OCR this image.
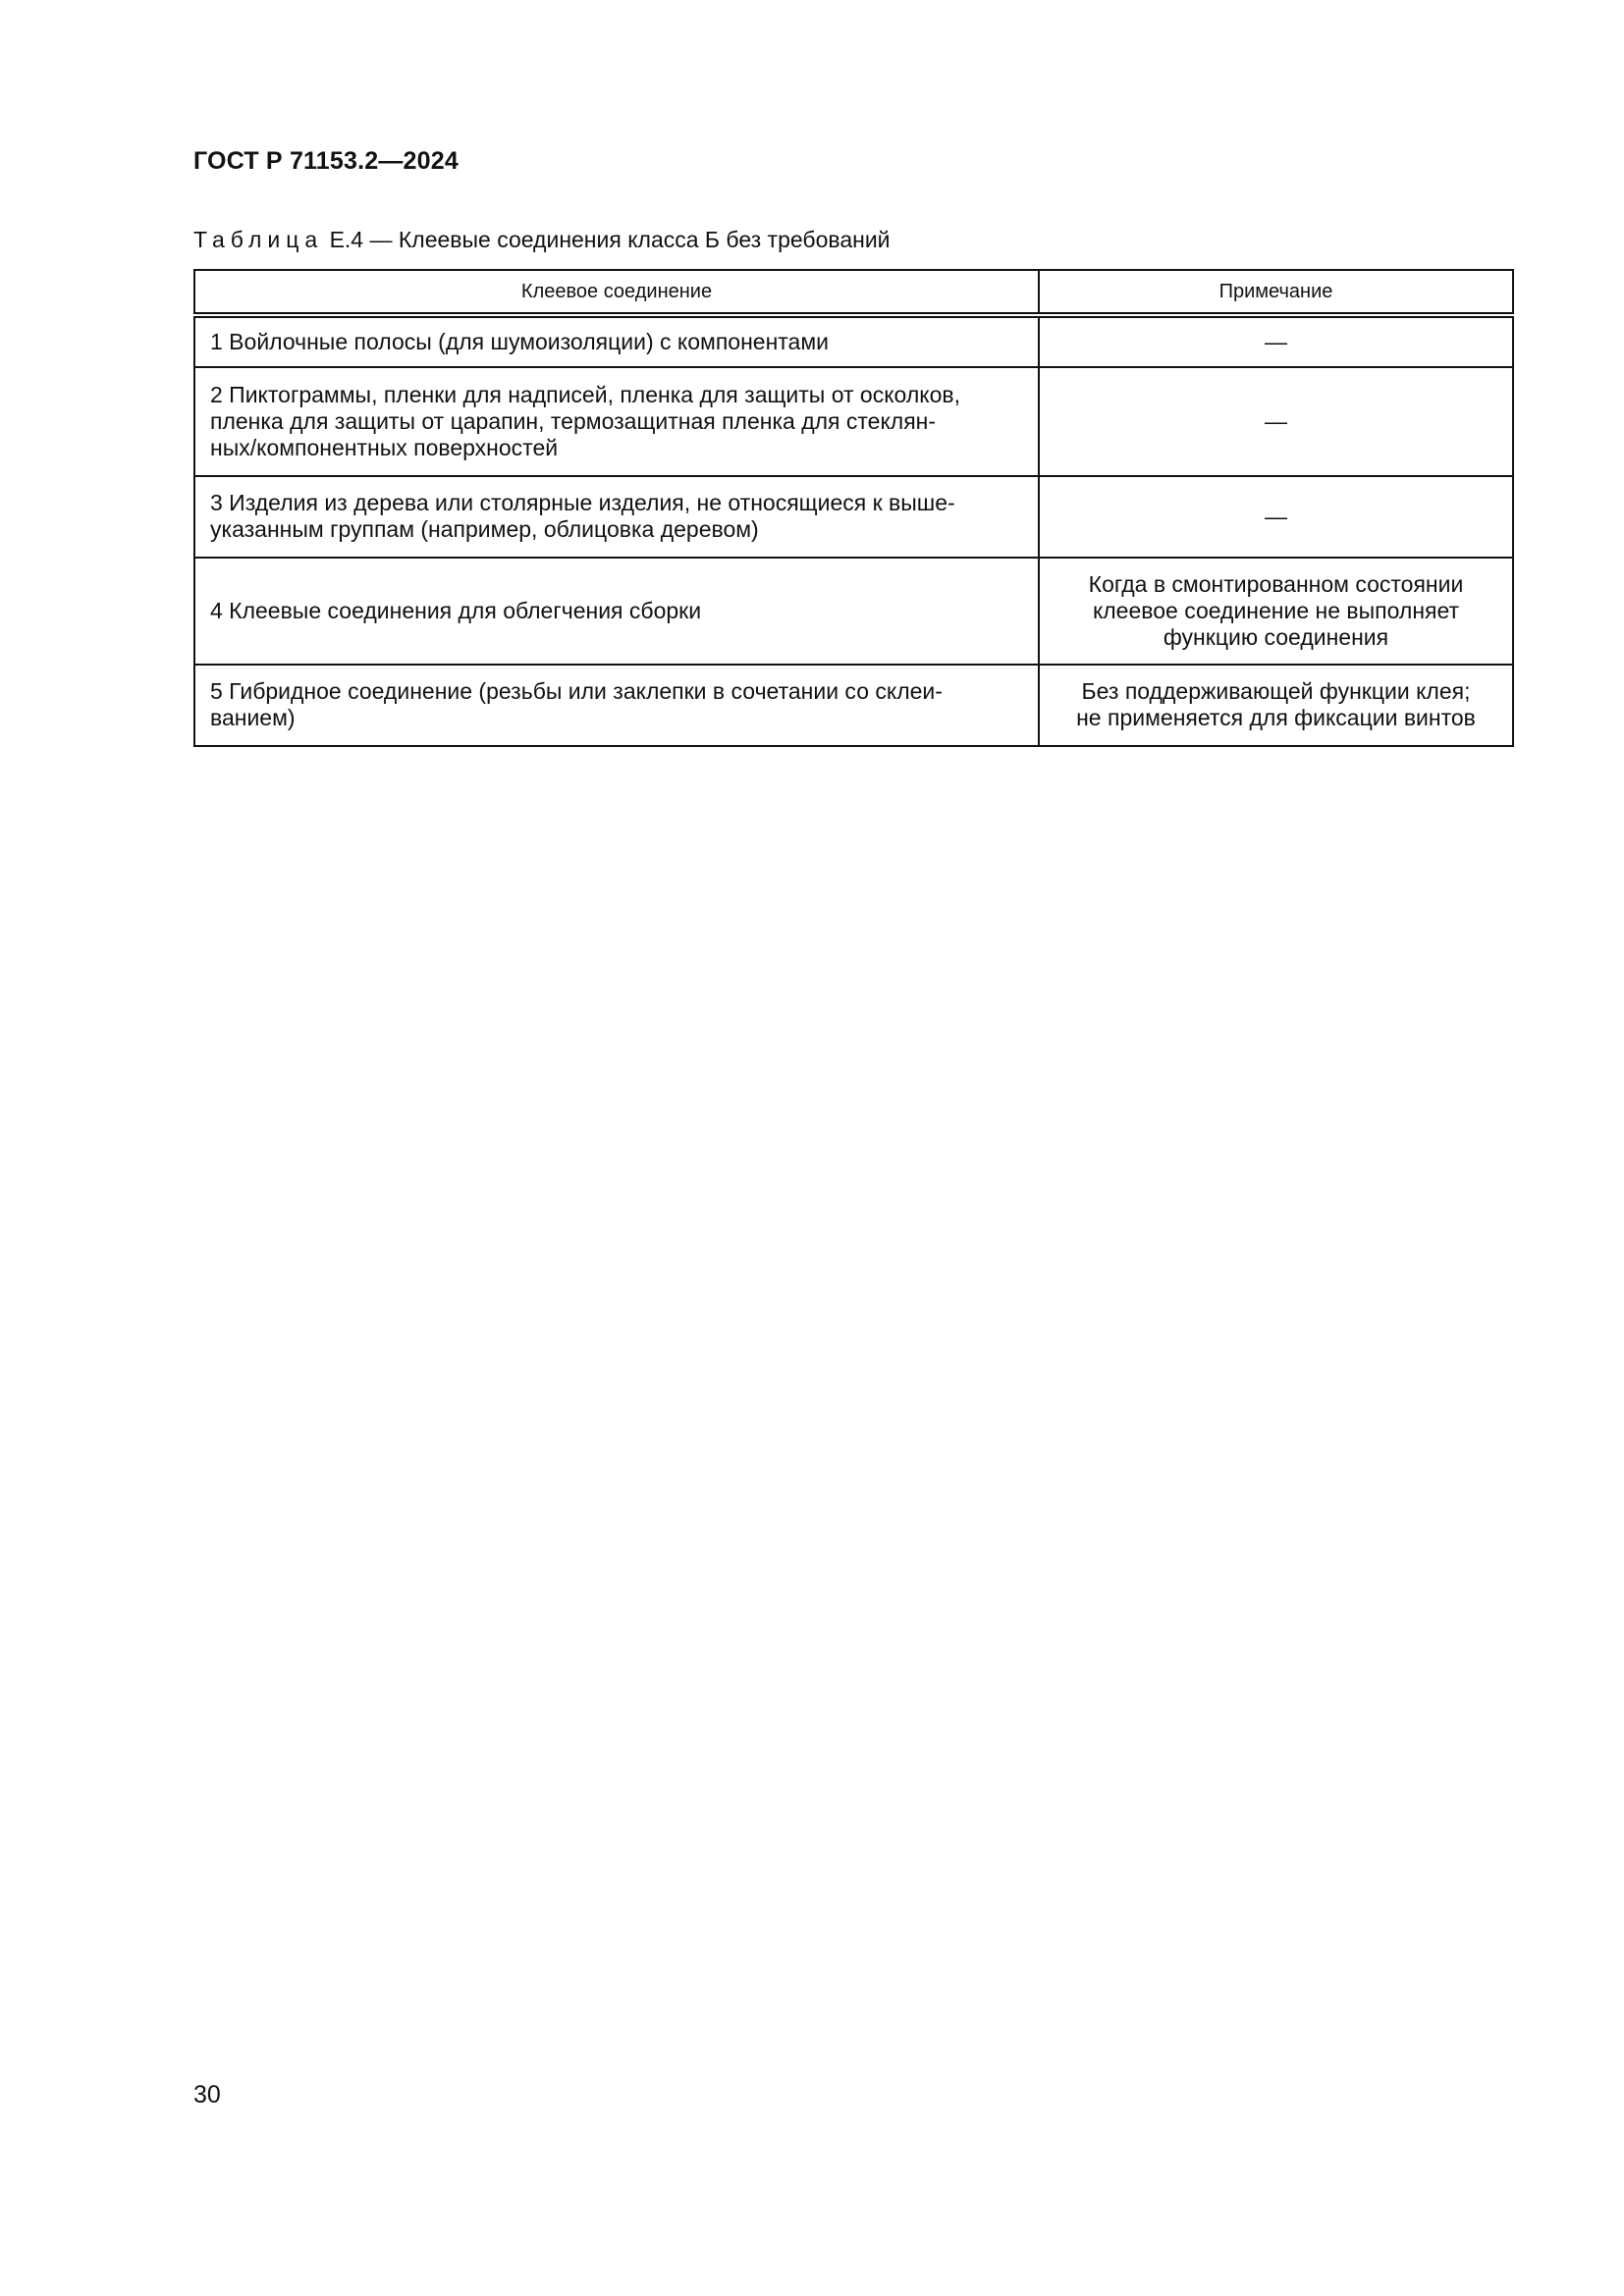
ГОСТ Р 71153.2—2024
Таблица Е.4 — Клеевые соединения класса Б без требований
Клеевое соединение	Примечание

1 Войлочные полосы (для шумоизоляции) с компонентами	—

2 Пиктограммы, пленки для надписей, пленка для защиты от осколков,
пленка для защиты от царапин, термозащитная пленка для стеклян-
ных/компонентных поверхностей	—

3 Изделия из дерева или столярные изделия, не относящиеся к выше-
указанным группам (например, облицовка деревом)	—

4 Клеевые соединения для облегчения сборки	Когда в смонтированном состоянии
клеевое соединение не выполняет
функцию соединения

5 Гибридное соединение (резьбы или заклепки в сочетании со склеи-
ванием)	Без поддерживающей функции клея;
не применяется для фиксации винтов
30
